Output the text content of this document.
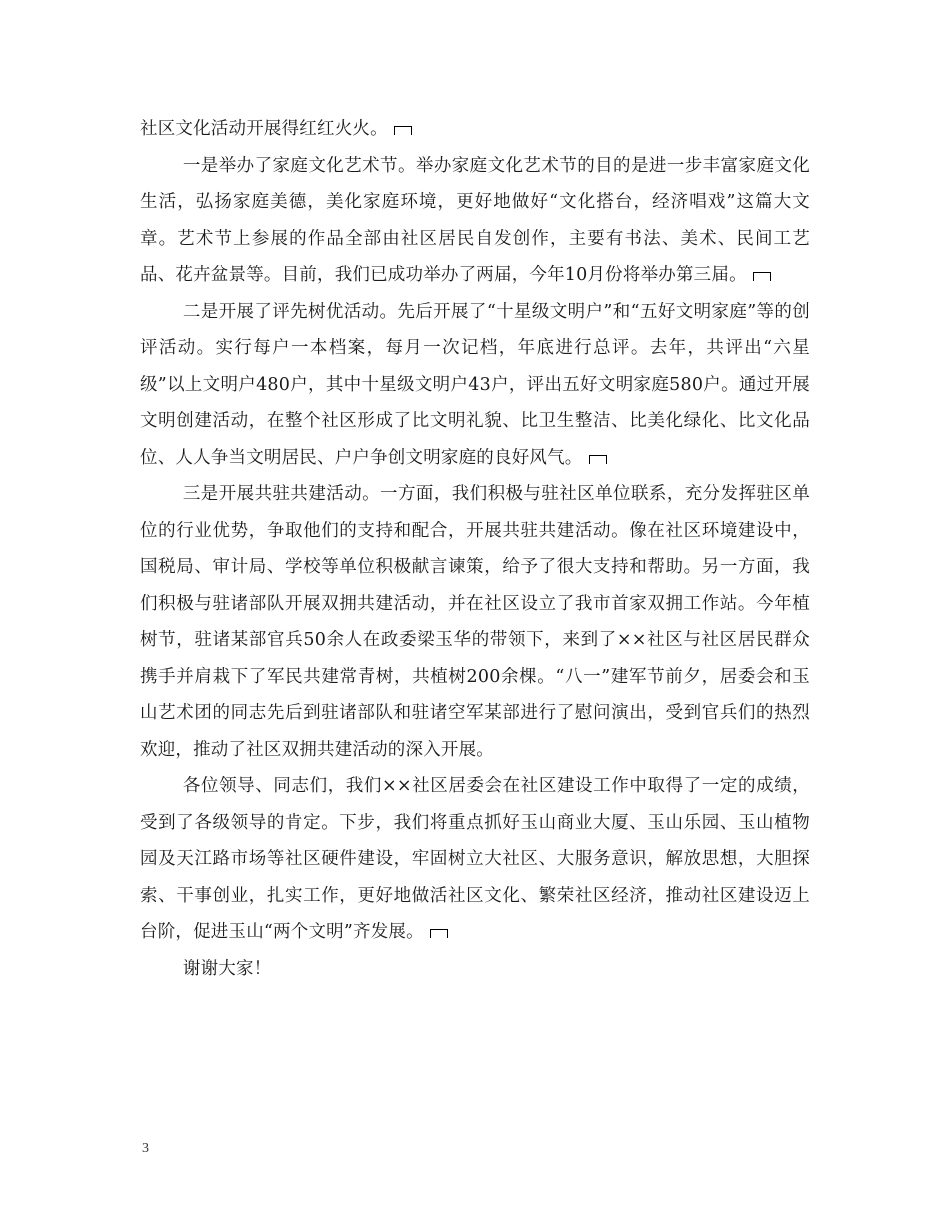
社区文化活动开展得红红火火。

一是举办了家庭文化艺术节。举办家庭文化艺术节的目的是进一步丰富家庭文化生活，弘扬家庭美德，美化家庭环境，更好地做好“文化搭台，经济唱戏”这篇大文章。艺术节上参展的作品全部由社区居民自发创作，主要有书法、美术、民间工艺品、花卉盆景等。目前，我们已成功举办了两届，今年10月份将举办第三届。

二是开展了评先树优活动。先后开展了“十星级文明户”和“五好文明家庭”等的创评活动。实行每户一本档案，每月一次记档，年底进行总评。去年，共评出“六星级”以上文明户480户，其中十星级文明户43户，评出五好文明家庭580户。通过开展文明创建活动，在整个社区形成了比文明礼貌、比卫生整洁、比美化绿化、比文化品位、人人争当文明居民、户户争创文明家庭的良好风气。

三是开展共驻共建活动。一方面，我们积极与驻社区单位联系，充分发挥驻区单位的行业优势，争取他们的支持和配合，开展共驻共建活动。像在社区环境建设中，国税局、审计局、学校等单位积极献言谏策，给予了很大支持和帮助。另一方面，我们积极与驻诸部队开展双拥共建活动，并在社区设立了我市首家双拥工作站。今年植树节，驻诸某部官兵50余人在政委梁玉华的带领下，来到了××社区与社区居民群众携手并肩栽下了军民共建常青树，共植树200余棵。“八一”建军节前夕，居委会和玉山艺术团的同志先后到驻诸部队和驻诸空军某部进行了慰问演出，受到官兵们的热烈欢迎，推动了社区双拥共建活动的深入开展。

各位领导、同志们，我们××社区居委会在社区建设工作中取得了一定的成绩，受到了各级领导的肯定。下步，我们将重点抓好玉山商业大厦、玉山乐园、玉山植物园及天江路市场等社区硬件建设，牢固树立大社区、大服务意识，解放思想，大胆探索、干事创业，扎实工作，更好地做活社区文化、繁荣社区经济，推动社区建设迈上台阶，促进玉山“两个文明”齐发展。

谢谢大家！

3
